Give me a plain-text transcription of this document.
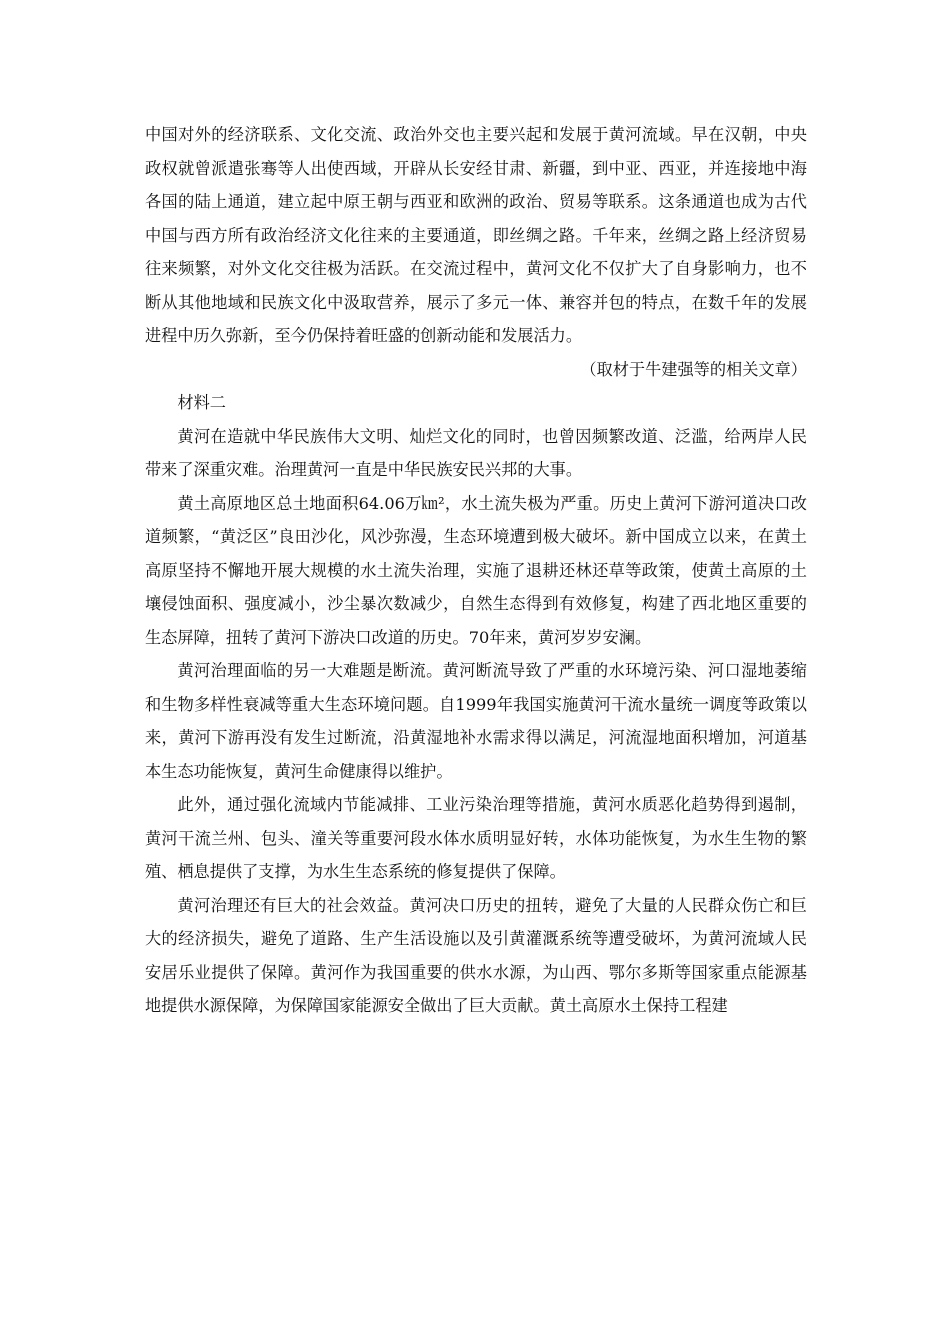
中国对外的经济联系、文化交流、政治外交也主要兴起和发展于黄河流域。早在汉朝，中央政权就曾派遣张骞等人出使西域，开辟从长安经甘肃、新疆，到中亚、西亚，并连接地中海各国的陆上通道，建立起中原王朝与西亚和欧洲的政治、贸易等联系。这条通道也成为古代中国与西方所有政治经济文化往来的主要通道，即丝绸之路。千年来，丝绸之路上经济贸易往来频繁，对外文化交往极为活跃。在交流过程中，黄河文化不仅扩大了自身影响力，也不断从其他地域和民族文化中汲取营养，展示了多元一体、兼容并包的特点，在数千年的发展进程中历久弥新，至今仍保持着旺盛的创新动能和发展活力。

（取材于牛建强等的相关文章）

材料二

黄河在造就中华民族伟大文明、灿烂文化的同时，也曾因频繁改道、泛滥，给两岸人民带来了深重灾难。治理黄河一直是中华民族安民兴邦的大事。

黄土高原地区总土地面积64.06万㎞²，水土流失极为严重。历史上黄河下游河道决口改道频繁，“黄泛区”良田沙化，风沙弥漫，生态环境遭到极大破坏。新中国成立以来，在黄土高原坚持不懈地开展大规模的水土流失治理，实施了退耕还林还草等政策，使黄土高原的土壤侵蚀面积、强度减小，沙尘暴次数减少，自然生态得到有效修复，构建了西北地区重要的生态屏障，扭转了黄河下游决口改道的历史。70年来，黄河岁岁安澜。

黄河治理面临的另一大难题是断流。黄河断流导致了严重的水环境污染、河口湿地萎缩和生物多样性衰减等重大生态环境问题。自1999年我国实施黄河干流水量统一调度等政策以来，黄河下游再没有发生过断流，沿黄湿地补水需求得以满足，河流湿地面积增加，河道基本生态功能恢复，黄河生命健康得以维护。

此外，通过强化流域内节能减排、工业污染治理等措施，黄河水质恶化趋势得到遏制，黄河干流兰州、包头、潼关等重要河段水体水质明显好转，水体功能恢复，为水生生物的繁殖、栖息提供了支撑，为水生生态系统的修复提供了保障。

黄河治理还有巨大的社会效益。黄河决口历史的扭转，避免了大量的人民群众伤亡和巨大的经济损失，避免了道路、生产生活设施以及引黄灌溉系统等遭受破坏，为黄河流域人民安居乐业提供了保障。黄河作为我国重要的供水水源，为山西、鄂尔多斯等国家重点能源基地提供水源保障，为保障国家能源安全做出了巨大贡献。黄土高原水土保持工程建
